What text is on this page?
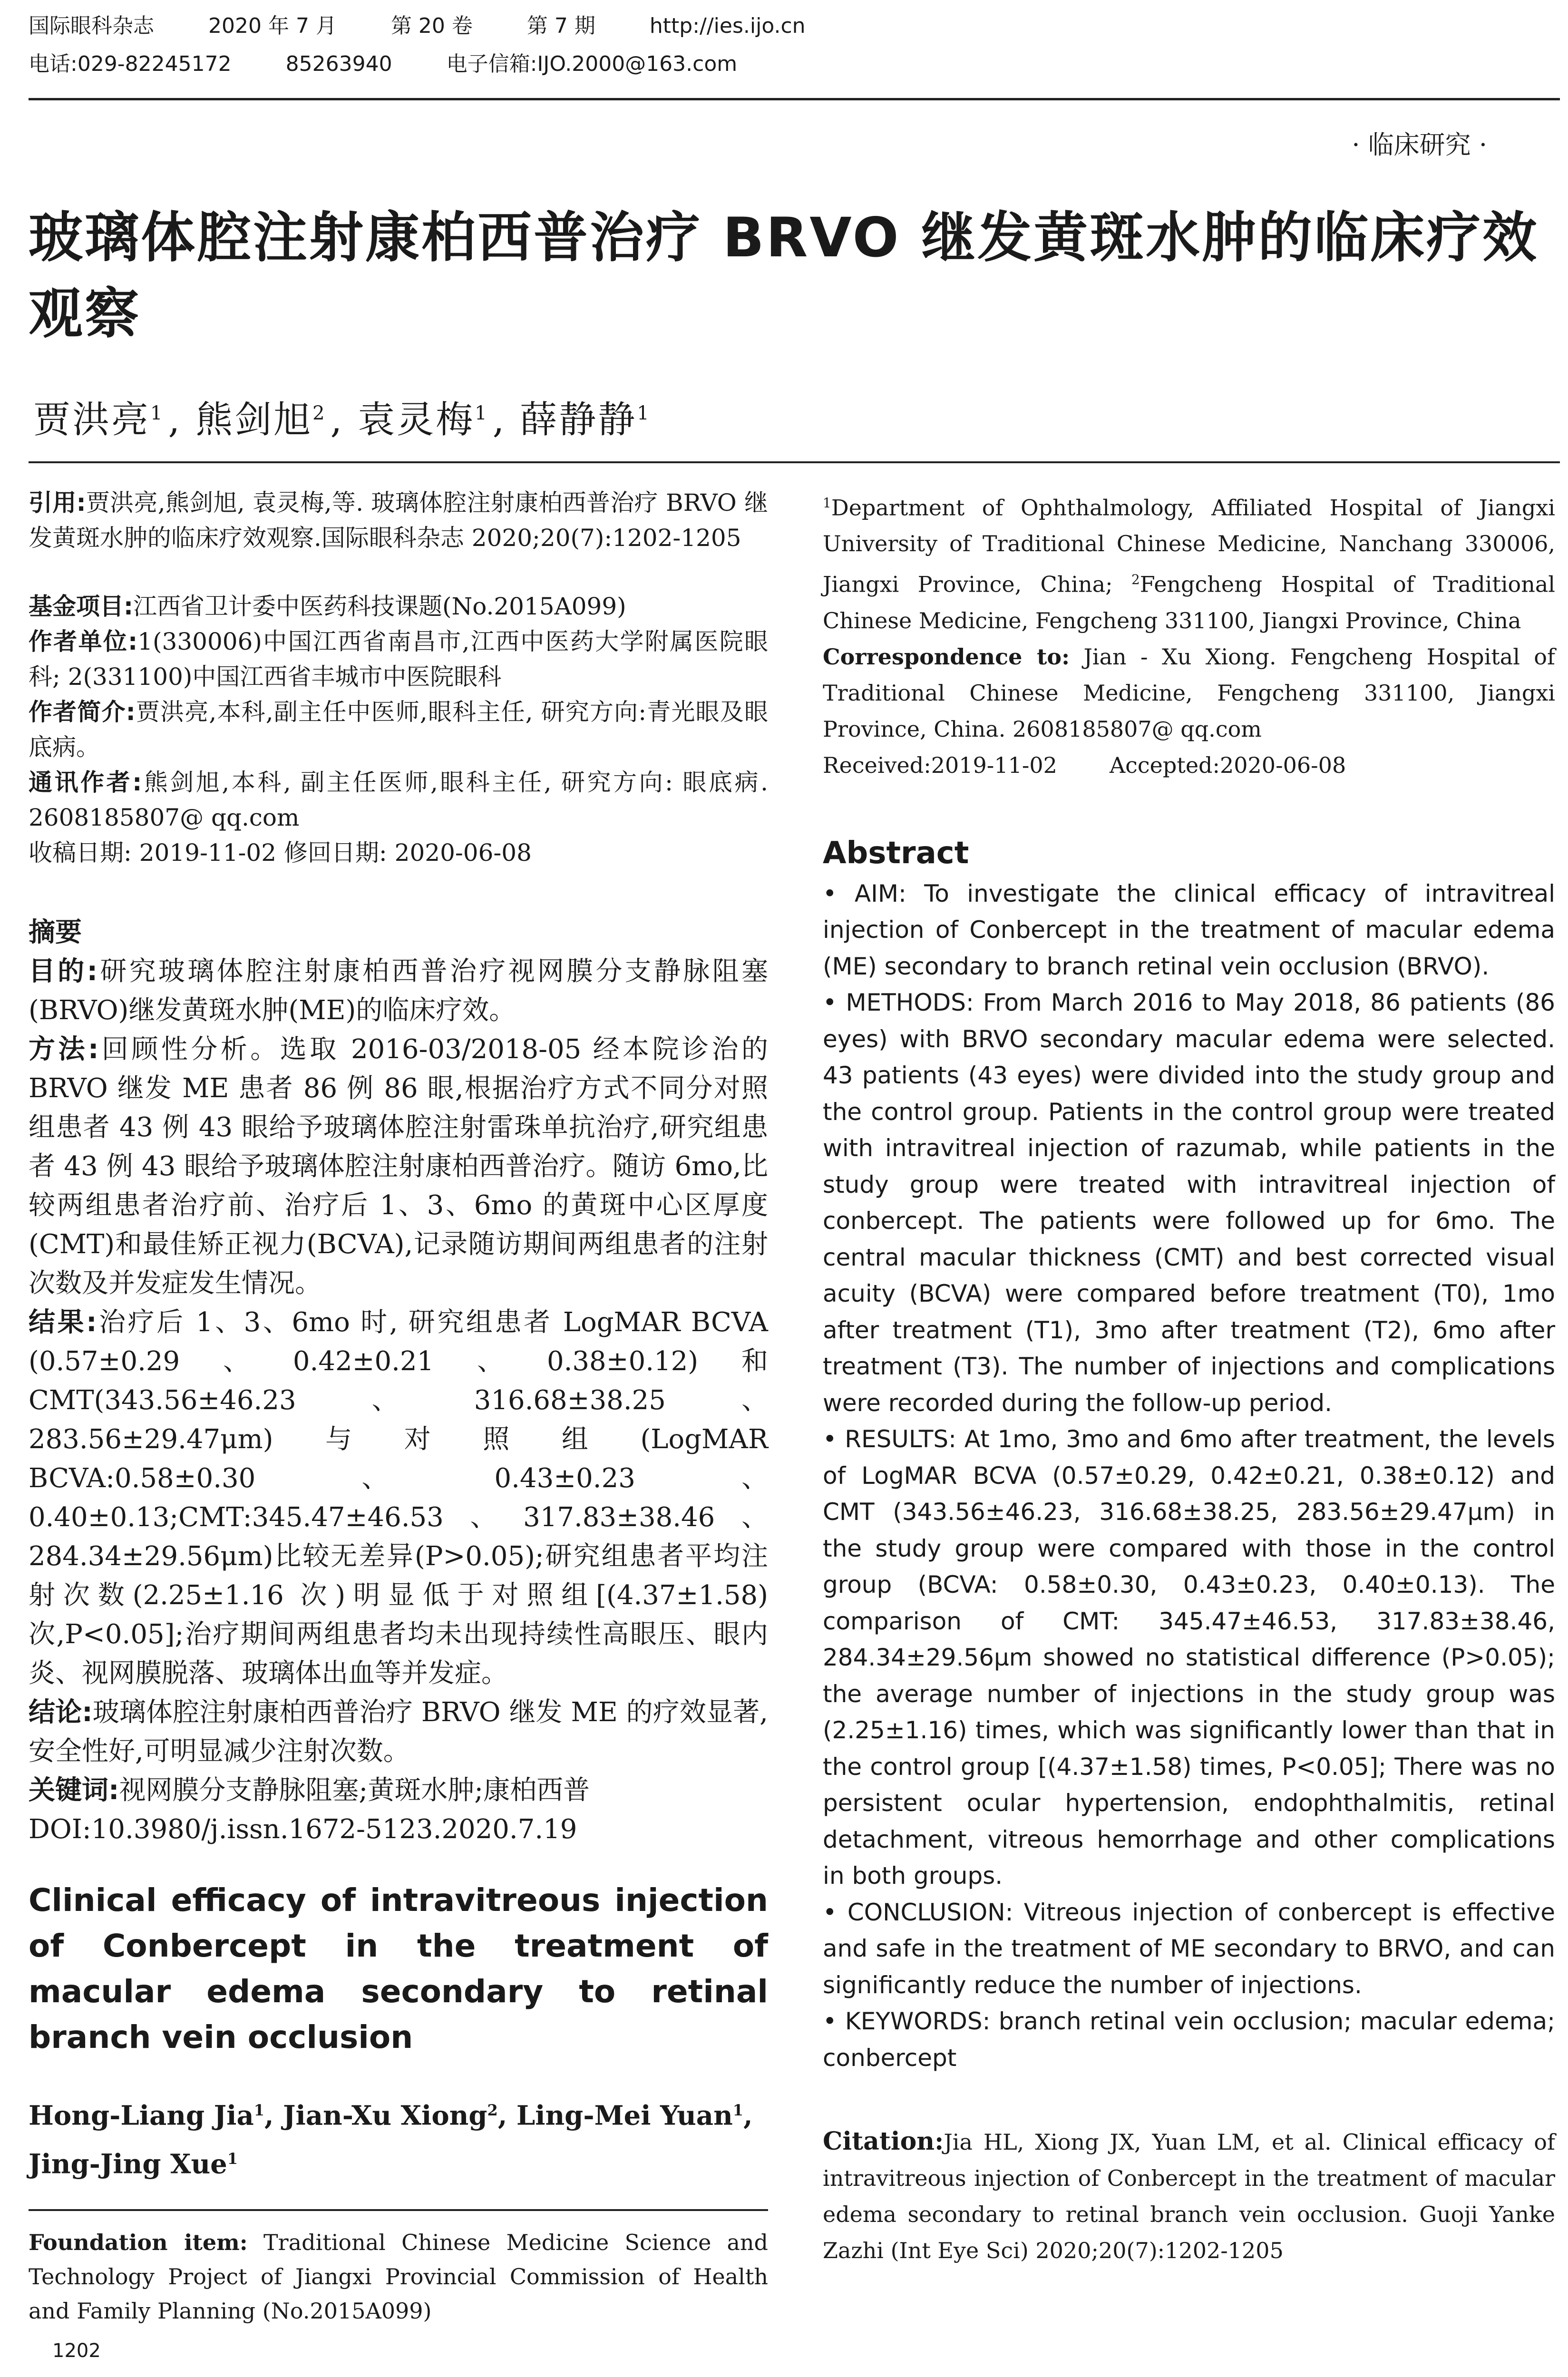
国际眼科杂志	2020 年 7 月	第 20 卷	第 7 期	http://ies.ijo.cn
电话:029-82245172	85263940	电子信箱:IJO.2000@163.com
· 临床研究 ·
玻璃体腔注射康柏西普治疗 BRVO 继发黄斑水肿的临床疗效观察
贾洪亮$^1$ , 熊剑旭$^2$ , 袁灵梅$^1$ , 薛静静$^1$

引用:贾洪亮,熊剑旭, 袁灵梅,等. 玻璃体腔注射康柏西普治疗 BRVO 继发黄斑水肿的临床疗效观察.国际眼科杂志 2020;20(7):1202-1205

基金项目:江西省卫计委中医药科技课题(No.2015A099)

作者单位:1(330006)中国江西省南昌市,江西中医药大学附属医院眼科; 2(331100)中国江西省丰城市中医院眼科

作者简介:贾洪亮,本科,副主任中医师,眼科主任, 研究方向:青光眼及眼底病。

通讯作者:熊剑旭,本科, 副主任医师,眼科主任, 研究方向: 眼底病. 2608185807@ qq.com

收稿日期: 2019-11-02 修回日期: 2020-06-08

摘要

目的:研究玻璃体腔注射康柏西普治疗视网膜分支静脉阻塞(BRVO)继发黄斑水肿(ME)的临床疗效。

方法:回顾性分析。选取 2016-03/2018-05 经本院诊治的 BRVO 继发 ME 患者 86 例 86 眼,根据治疗方式不同分对照组患者 43 例 43 眼给予玻璃体腔注射雷珠单抗治疗,研究组患者 43 例 43 眼给予玻璃体腔注射康柏西普治疗。随访 6mo,比较两组患者治疗前、治疗后 1、3、6mo 的黄斑中心区厚度(CMT)和最佳矫正视力(BCVA),记录随访期间两组患者的注射次数及并发症发生情况。

结果:治疗后 1、3、6mo 时, 研究组患者 LogMAR BCVA (0.57±0.29、0.42±0.21、0.38±0.12)和 CMT(343.56±46.23、316.68±38.25、283.56±29.47μm)与对照组(LogMAR BCVA:0.58±0.30、0.43±0.23、0.40±0.13;CMT:345.47±46.53、317.83±38.46、284.34±29.56μm)比较无差异(P>0.05);研究组患者平均注射次数(2.25±1.16 次)明显低于对照组[(4.37±1.58)次,P<0.05];治疗期间两组患者均未出现持续性高眼压、眼内炎、视网膜脱落、玻璃体出血等并发症。

结论:玻璃体腔注射康柏西普治疗 BRVO 继发 ME 的疗效显著,安全性好,可明显减少注射次数。

关键词:视网膜分支静脉阻塞;黄斑水肿;康柏西普

DOI:10.3980/j.issn.1672-5123.2020.7.19

Clinical efficacy of intravitreous injection of Conbercept in the treatment of macular edema secondary to retinal branch vein occlusion
Hong-Liang Jia$^1$, Jian-Xu Xiong$^2$, Ling-Mei Yuan$^1$, Jing-Jing Xue$^1$
Foundation item: Traditional Chinese Medicine Science and Technology Project of Jiangxi Provincial Commission of Health and Family Planning (No.2015A099)

$^1$Department of Ophthalmology, Affiliated Hospital of Jiangxi University of Traditional Chinese Medicine, Nanchang 330006, Jiangxi Province, China; $^2$Fengcheng Hospital of Traditional Chinese Medicine, Fengcheng 331100, Jiangxi Province, China

Correspondence to: Jian - Xu Xiong. Fengcheng Hospital of Traditional Chinese Medicine, Fengcheng 331100, Jiangxi Province, China. 2608185807@ qq.com

Received:2019-11-02 Accepted:2020-06-08

Abstract

• AIM: To investigate the clinical efficacy of intravitreal injection of Conbercept in the treatment of macular edema (ME) secondary to branch retinal vein occlusion (BRVO).

• METHODS: From March 2016 to May 2018, 86 patients (86 eyes) with BRVO secondary macular edema were selected. 43 patients (43 eyes) were divided into the study group and the control group. Patients in the control group were treated with intravitreal injection of razumab, while patients in the study group were treated with intravitreal injection of conbercept. The patients were followed up for 6mo. The central macular thickness (CMT) and best corrected visual acuity (BCVA) were compared before treatment (T0), 1mo after treatment (T1), 3mo after treatment (T2), 6mo after treatment (T3). The number of injections and complications were recorded during the follow-up period.

• RESULTS: At 1mo, 3mo and 6mo after treatment, the levels of LogMAR BCVA (0.57±0.29, 0.42±0.21, 0.38±0.12) and CMT (343.56±46.23, 316.68±38.25, 283.56±29.47μm) in the study group were compared with those in the control group (BCVA: 0.58±0.30, 0.43±0.23, 0.40±0.13). The comparison of CMT: 345.47±46.53, 317.83±38.46, 284.34±29.56μm showed no statistical difference (P>0.05); the average number of injections in the study group was (2.25±1.16) times, which was significantly lower than that in the control group [(4.37±1.58) times, P<0.05]; There was no persistent ocular hypertension, endophthalmitis, retinal detachment, vitreous hemorrhage and other complications in both groups.

• CONCLUSION: Vitreous injection of conbercept is effective and safe in the treatment of ME secondary to BRVO, and can significantly reduce the number of injections.

• KEYWORDS: branch retinal vein occlusion; macular edema; conbercept

Citation:Jia HL, Xiong JX, Yuan LM, et al. Clinical efficacy of intravitreous injection of Conbercept in the treatment of macular edema secondary to retinal branch vein occlusion. Guoji Yanke Zazhi (Int Eye Sci) 2020;20(7):1202-1205
1202
